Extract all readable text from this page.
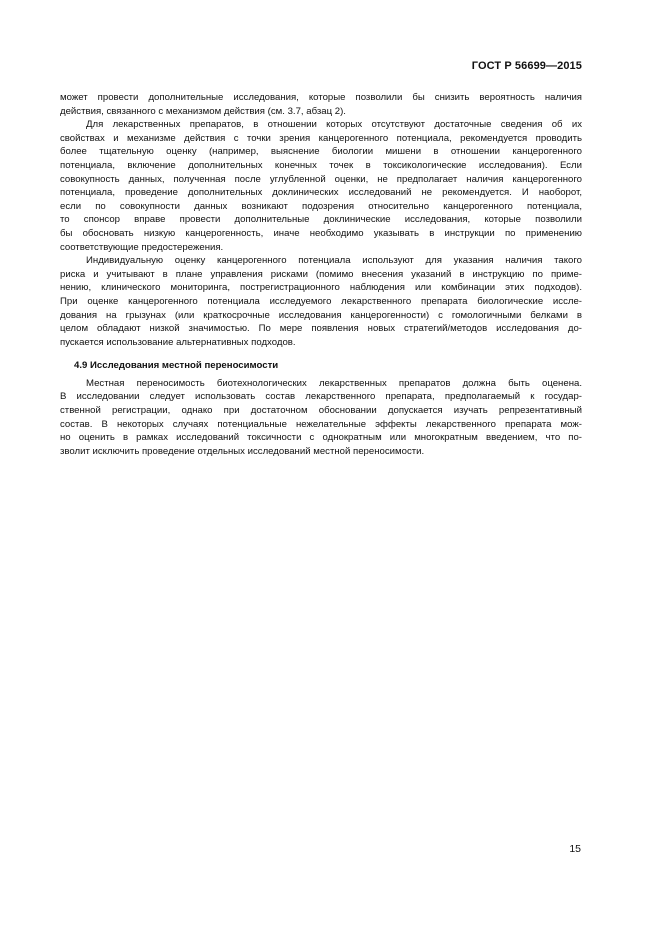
ГОСТ Р 56699—2015
может провести дополнительные исследования, которые позволили бы снизить вероятность наличия
действия, связанного с механизмом действия (см. 3.7, абзац 2).
Для лекарственных препаратов, в отношении которых отсутствуют достаточные сведения об их
свойствах и механизме действия с точки зрения канцерогенного потенциала, рекомендуется проводить
более тщательную оценку (например, выяснение биологии мишени в отношении канцерогенного
потенциала, включение дополнительных конечных точек в токсикологические исследования). Если
совокупность данных, полученная после углубленной оценки, не предполагает наличия канцерогенного
потенциала, проведение дополнительных доклинических исследований не рекомендуется. И наоборот,
если по совокупности данных возникают подозрения относительно канцерогенного потенциала,
то спонсор вправе провести дополнительные доклинические исследования, которые позволили
бы обосновать низкую канцерогенность, иначе необходимо указывать в инструкции по применению
соответствующие предостережения.
Индивидуальную оценку канцерогенного потенциала используют для указания наличия такого
риска и учитывают в плане управления рисками (помимо внесения указаний в инструкцию по приме-
нению, клинического мониторинга, пострегистрационного наблюдения или комбинации этих подходов).
При оценке канцерогенного потенциала исследуемого лекарственного препарата биологические иссле-
дования на грызунах (или краткосрочные исследования канцерогенности) с гомологичными белками в
целом обладают низкой значимостью. По мере появления новых стратегий/методов исследования до-
пускается использование альтернативных подходов.
4.9 Исследования местной переносимости
Местная переносимость биотехнологических лекарственных препаратов должна быть оценена.
В исследовании следует использовать состав лекарственного препарата, предполагаемый к государ-
ственной регистрации, однако при достаточном обосновании допускается изучать репрезентативный
состав. В некоторых случаях потенциальные нежелательные эффекты лекарственного препарата мож-
но оценить в рамках исследований токсичности с однократным или многократным введением, что по-
зволит исключить проведение отдельных исследований местной переносимости.
15
